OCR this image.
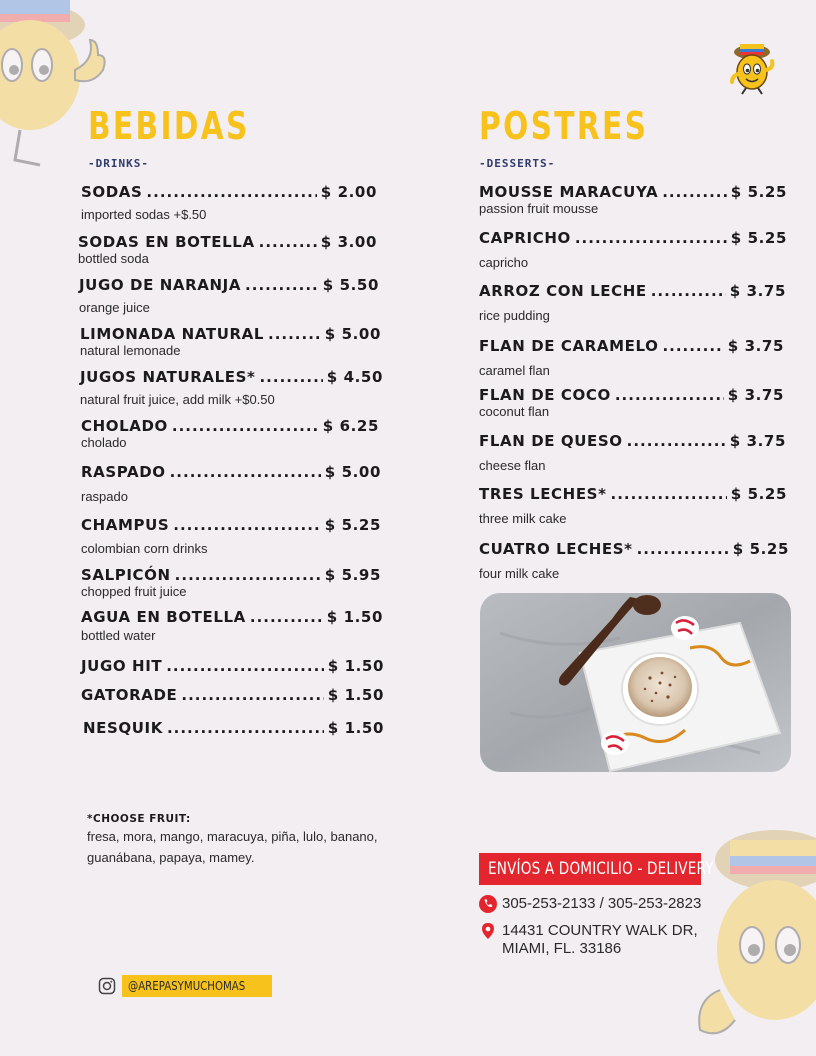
BEBIDAS
-DRINKS-
SODAS .....	$ 2.00
imported sodas +$.50
SODAS EN BOTELLA .....	$ 3.00
bottled soda
JUGO DE NARANJA .....	$ 5.50
orange juice
LIMONADA NATURAL .....	$ 5.00
natural lemonade
JUGOS NATURALES* .....	$ 4.50
natural fruit juice, add milk +$0.50
CHOLADO .....	$ 6.25
cholado
RASPADO .....	$ 5.00
raspado
CHAMPUS .....	$ 5.25
colombian corn drinks
SALPICÓN .....	$ 5.95
chopped fruit juice
AGUA EN BOTELLA .....	$ 1.50
bottled water
JUGO HIT .....	$ 1.50
GATORADE .....	$ 1.50
NESQUIK .....	$ 1.50
*CHOOSE FRUIT:
fresa, mora, mango, maracuya, piña, lulo, banano, guanábana, papaya, mamey.
POSTRES
-DESSERTS-
MOUSSE MARACUYA .....	$ 5.25
passion fruit mousse
CAPRICHO .....	$ 5.25
capricho
ARROZ CON LECHE .....	$ 3.75
rice pudding
FLAN DE CARAMELO .....	$ 3.75
caramel flan
FLAN DE COCO .....	$ 3.75
coconut flan
FLAN DE QUESO .....	$ 3.75
cheese flan
TRES LECHES* .....	$ 5.25
three milk cake
CUATRO LECHES* .....	$ 5.25
four milk cake
ENVÍOS A DOMICILIO - DELIVERY
305-253-2133 / 305-253-2823
14431 COUNTRY WALK DR, MIAMI, FL. 33186
@AREPASYMUCHOMAS
